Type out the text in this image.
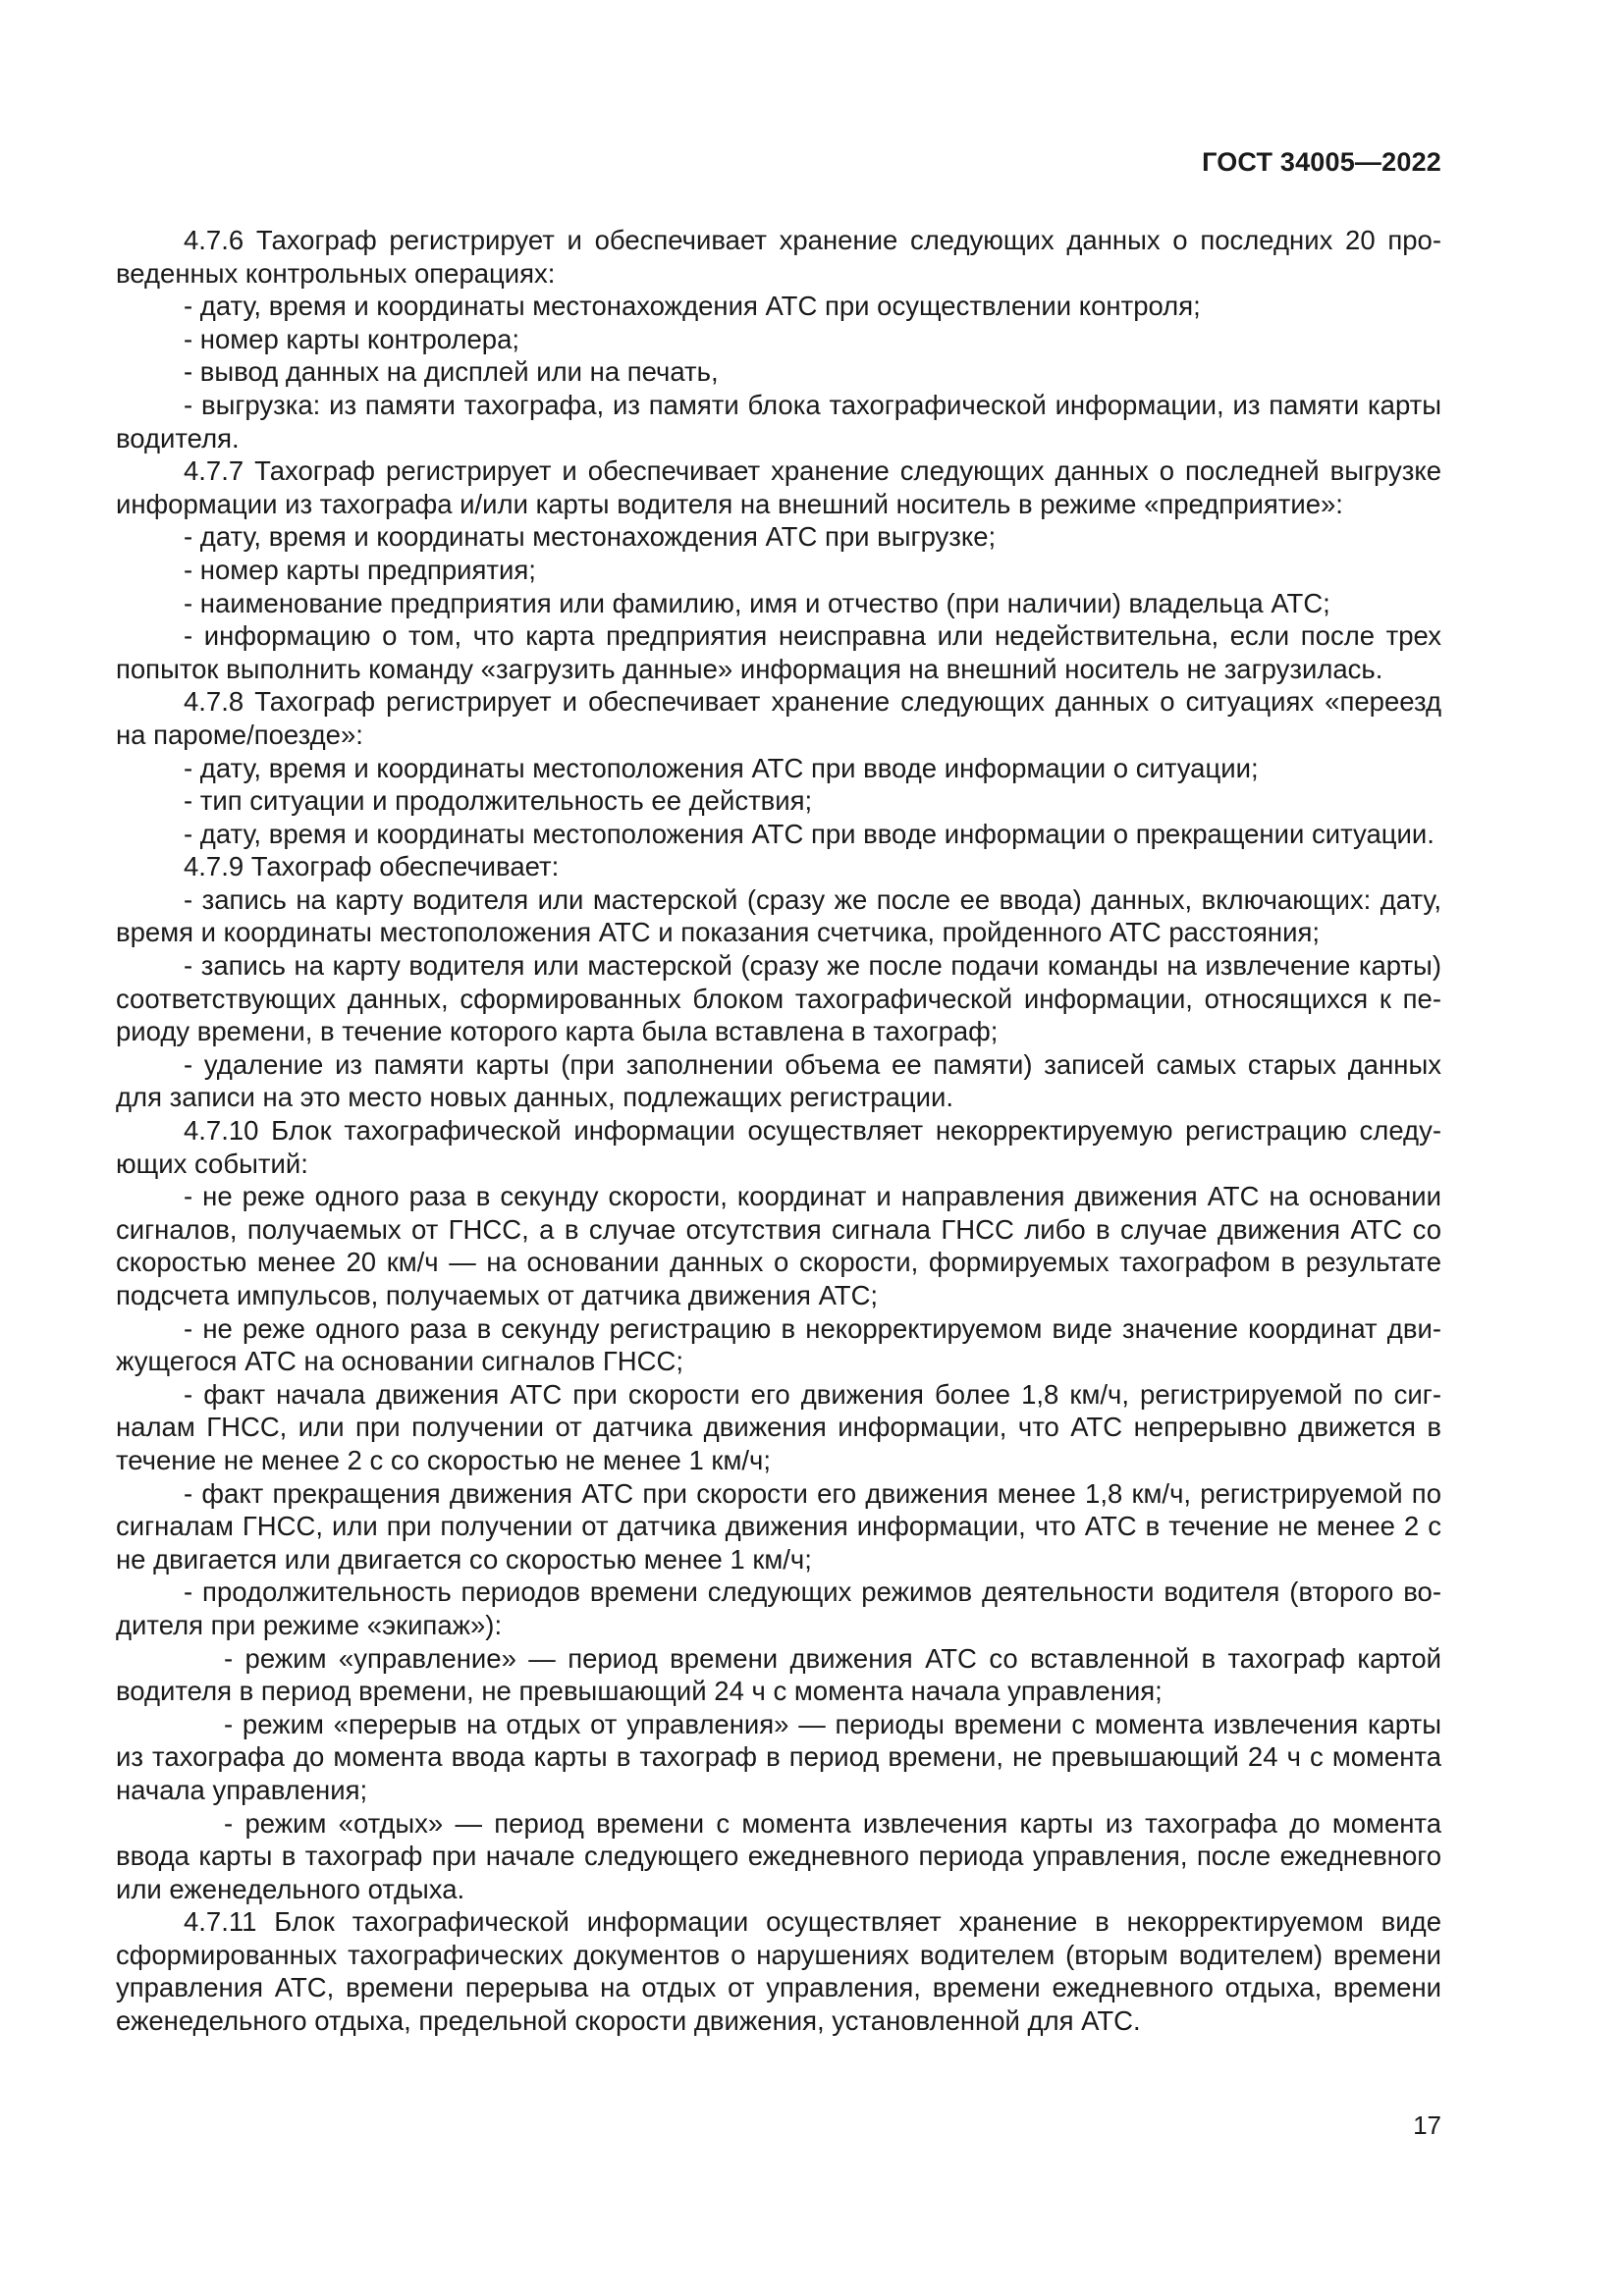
ГОСТ 34005—2022

4.7.6 Тахограф регистрирует и обеспечивает хранение следующих данных о последних 20 проведенных контрольных операциях:

- дату, время и координаты местонахождения АТС при осуществлении контроля;

- номер карты контролера;

- вывод данных на дисплей или на печать,

- выгрузка: из памяти тахографа, из памяти блока тахографической информации, из памяти карты водителя.

4.7.7 Тахограф регистрирует и обеспечивает хранение следующих данных о последней выгрузке информации из тахографа и/или карты водителя на внешний носитель в режиме «предприятие»:

- дату, время и координаты местонахождения АТС при выгрузке;

- номер карты предприятия;

- наименование предприятия или фамилию, имя и отчество (при наличии) владельца АТС;

- информацию о том, что карта предприятия неисправна или недействительна, если после трех попыток выполнить команду «загрузить данные» информация на внешний носитель не загрузилась.

4.7.8 Тахограф регистрирует и обеспечивает хранение следующих данных о ситуациях «переезд на пароме/поезде»:

- дату, время и координаты местоположения АТС при вводе информации о ситуации;

- тип ситуации и продолжительность ее действия;

- дату, время и координаты местоположения АТС при вводе информации о прекращении ситуации.

4.7.9 Тахограф обеспечивает:

- запись на карту водителя или мастерской (сразу же после ее ввода) данных, включающих: дату, время и координаты местоположения АТС и показания счетчика, пройденного АТС расстояния;

- запись на карту водителя или мастерской (сразу же после подачи команды на извлечение карты) соответствующих данных, сформированных блоком тахографической информации, относящихся к периоду времени, в течение которого карта была вставлена в тахограф;

- удаление из памяти карты (при заполнении объема ее памяти) записей самых старых данных для записи на это место новых данных, подлежащих регистрации.

4.7.10 Блок тахографической информации осуществляет некорректируемую регистрацию следующих событий:

- не реже одного раза в секунду скорости, координат и направления движения АТС на основании сигналов, получаемых от ГНСС, а в случае отсутствия сигнала ГНСС либо в случае движения АТС со скоростью менее 20 км/ч — на основании данных о скорости, формируемых тахографом в результате подсчета импульсов, получаемых от датчика движения АТС;

- не реже одного раза в секунду регистрацию в некорректируемом виде значение координат движущегося АТС на основании сигналов ГНСС;

- факт начала движения АТС при скорости его движения более 1,8 км/ч, регистрируемой по сигналам ГНСС, или при получении от датчика движения информации, что АТС непрерывно движется в течение не менее 2 с со скоростью не менее 1 км/ч;

- факт прекращения движения АТС при скорости его движения менее 1,8 км/ч, регистрируемой по сигналам ГНСС, или при получении от датчика движения информации, что АТС в течение не менее 2 с не двигается или двигается со скоростью менее 1 км/ч;

- продолжительность периодов времени следующих режимов деятельности водителя (второго водителя при режиме «экипаж»):

- режим «управление» — период времени движения АТС со вставленной в тахограф картой водителя в период времени, не превышающий 24 ч с момента начала управления;

- режим «перерыв на отдых от управления» — периоды времени с момента извлечения карты из тахографа до момента ввода карты в тахограф в период времени, не превышающий 24 ч с момента начала управления;

- режим «отдых» — период времени с момента извлечения карты из тахографа до момента ввода карты в тахограф при начале следующего ежедневного периода управления, после ежедневного или еженедельного отдыха.

4.7.11 Блок тахографической информации осуществляет хранение в некорректируемом виде сформированных тахографических документов о нарушениях водителем (вторым водителем) времени управления АТС, времени перерыва на отдых от управления, времени ежедневного отдыха, времени еженедельного отдыха, предельной скорости движения, установленной для АТС.

17
